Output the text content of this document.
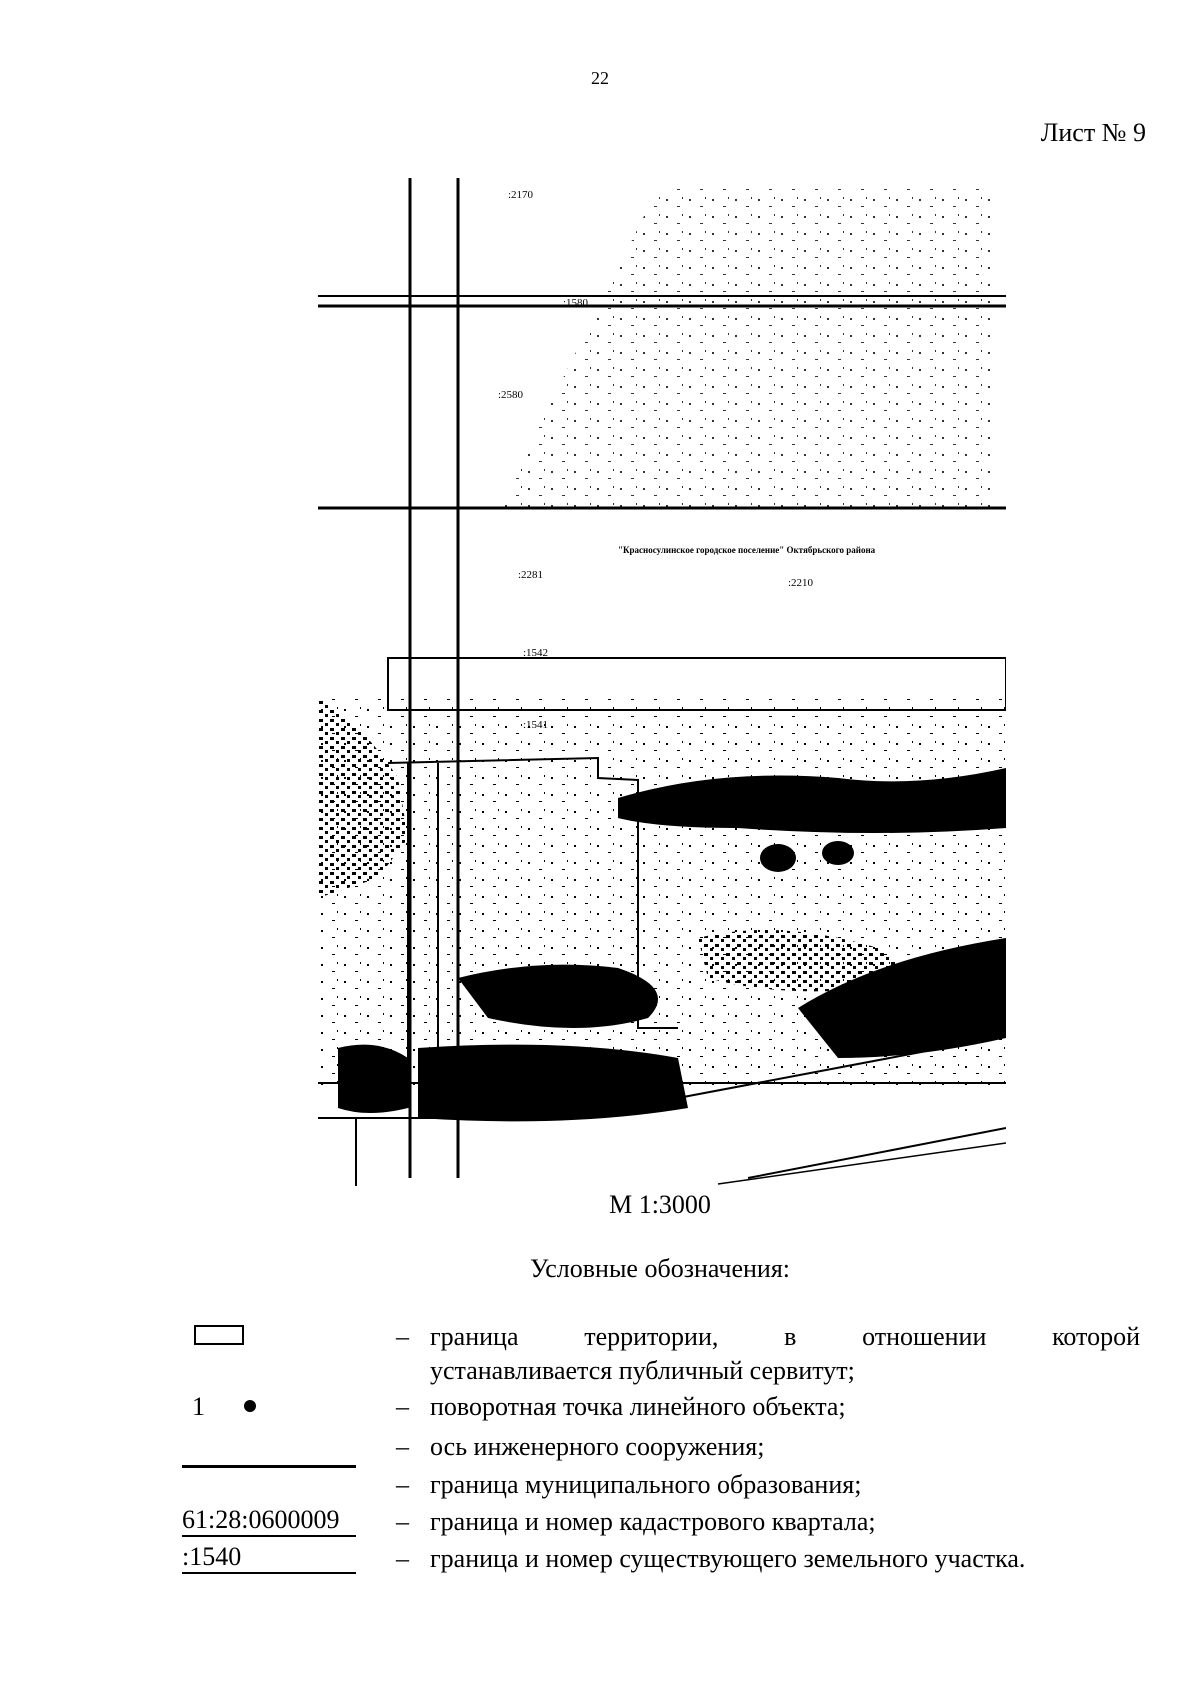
22
Лист № 9
:2170
:1580
:2580
:2281
:1542
:2210
:1541
"Красносулинское городское поселение" Октябрьского района
М 1:3000
Условные обозначения:
– граница территории, в отношении которой
устанавливается публичный сервитут;
1	– поворотная точка линейного объекта;
– ось инженерного сооружения;
– граница муниципального образования;
61:28:0600009	– граница и номер кадастрового квартала;
:1540	– граница и номер существующего земельного участка.
